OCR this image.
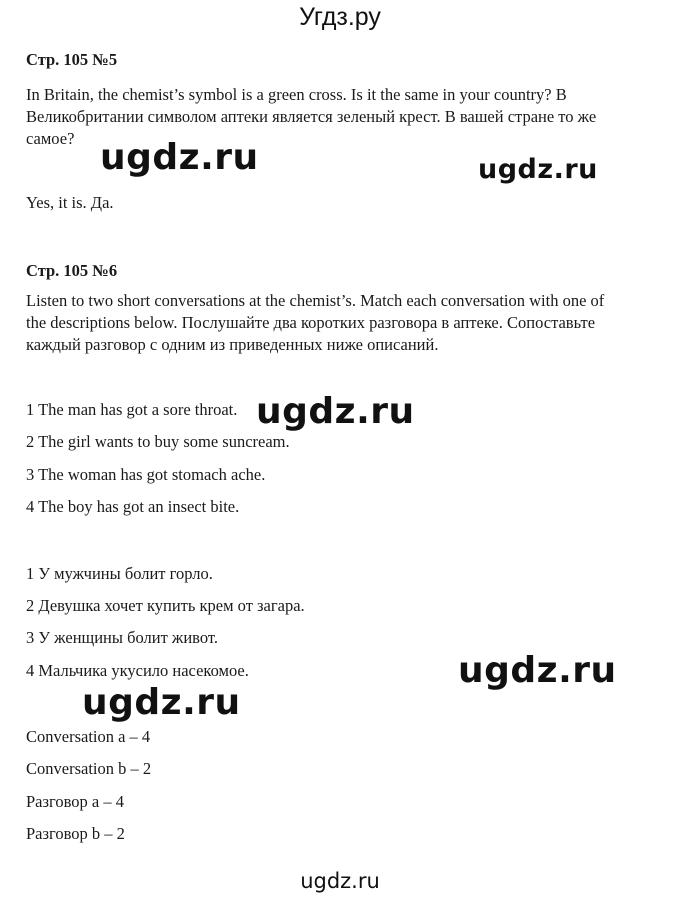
Угдз.ру
Стр. 105 №5
In Britain, the chemist’s symbol is a green cross. Is it the same in your country? В Великобритании символом аптеки является зеленый крест. В вашей стране то же самое?
Yes, it is. Да.
Стр. 105 №6
Listen to two short conversations at the chemist’s. Match each conversation with one of the descriptions below. Послушайте два коротких разговора в аптеке. Сопоставьте каждый разговор с одним из приведенных ниже описаний.
1 The man has got a sore throat.
2 The girl wants to buy some suncream.
3 The woman has got stomach ache.
4 The boy has got an insect bite.
1 У мужчины болит горло.
2 Девушка хочет купить крем от загара.
3 У женщины болит живот.
4 Мальчика укусило насекомое.
Conversation a – 4
Conversation b – 2
Разговор a – 4
Разговор b – 2
ugdz.ru	ugdz.ru
ugdz.ru
ugdz.ru
ugdz.ru
ugdz.ru
